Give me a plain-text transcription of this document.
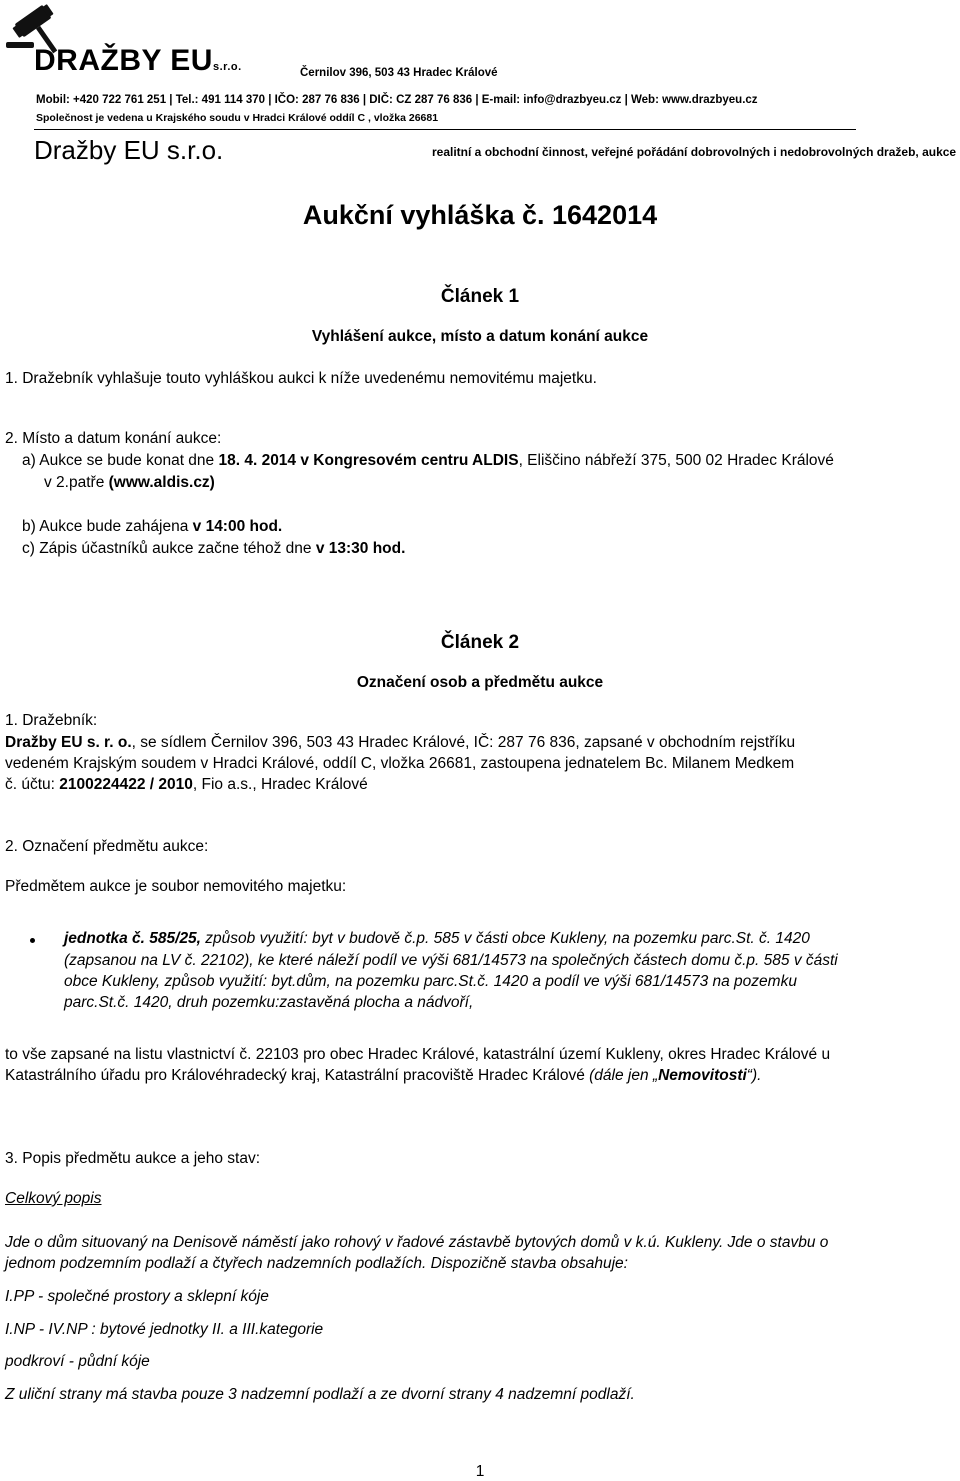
DRAŽBY EUs.r.o.	Černilov 396, 503 43 Hradec Králové
Mobil: +420 722 761 251 | Tel.: 491 114 370 | IČO: 287 76 836 | DIČ: CZ 287 76 836 | E-mail: info@drazbyeu.cz | Web: www.drazbyeu.cz
Společnost je vedena u Krajského soudu v Hradci Králové oddíl C , vložka 26681
Dražby EU s.r.o.	realitní a obchodní činnost, veřejné pořádání dobrovolných i nedobrovolných dražeb, aukce
Aukční vyhláška č. 1642014
Článek 1
Vyhlášení aukce, místo a datum konání aukce
1. Dražebník vyhlašuje touto vyhláškou aukci k níže uvedenému nemovitému majetku.
2. Místo a datum konání aukce:
a) Aukce se bude konat dne 18. 4. 2014 v Kongresovém centru ALDIS, Eliščino nábřeží 375, 500 02 Hradec Králové
v 2.patře (www.aldis.cz)
b) Aukce bude zahájena v 14:00 hod.
c) Zápis účastníků aukce začne téhož dne v 13:30 hod.
Článek 2
Označení osob a předmětu aukce
1. Dražebník:
Dražby EU s. r. o., se sídlem Černilov 396, 503 43 Hradec Králové, IČ: 287 76 836, zapsané v obchodním rejstříku
vedeném Krajským soudem v Hradci Králové, oddíl C, vložka 26681, zastoupena jednatelem Bc. Milanem Medkem
č. účtu: 2100224422 / 2010, Fio a.s., Hradec Králové
2. Označení předmětu aukce:
Předmětem aukce je soubor nemovitého majetku:
jednotka č. 585/25, způsob využití: byt v budově č.p. 585 v části obce Kukleny, na pozemku parc.St. č. 1420
(zapsanou na LV č. 22102), ke které náleží podíl ve výši 681/14573 na společných částech domu č.p. 585 v části
obce Kukleny, způsob využití: byt.dům, na pozemku parc.St.č. 1420 a podíl ve výši 681/14573 na pozemku
parc.St.č. 1420, druh pozemku:zastavěná plocha a nádvoří,
to vše zapsané na listu vlastnictví č. 22103 pro obec Hradec Králové, katastrální území Kukleny, okres Hradec Králové u
Katastrálního úřadu pro Královéhradecký kraj, Katastrální pracoviště Hradec Králové (dále jen „Nemovitosti“).
3. Popis předmětu aukce a jeho stav:
Celkový popis
Jde o dům situovaný na Denisově náměstí jako rohový v řadové zástavbě bytových domů v k.ú. Kukleny. Jde o stavbu o
jednom podzemním podlaží a čtyřech nadzemních podlažích. Dispozičně stavba obsahuje:
I.PP - společné prostory a sklepní kóje
I.NP - IV.NP : bytové jednotky II. a III.kategorie
podkroví - půdní kóje
Z uliční strany má stavba pouze 3 nadzemní podlaží a ze dvorní strany 4 nadzemní podlaží.
1
